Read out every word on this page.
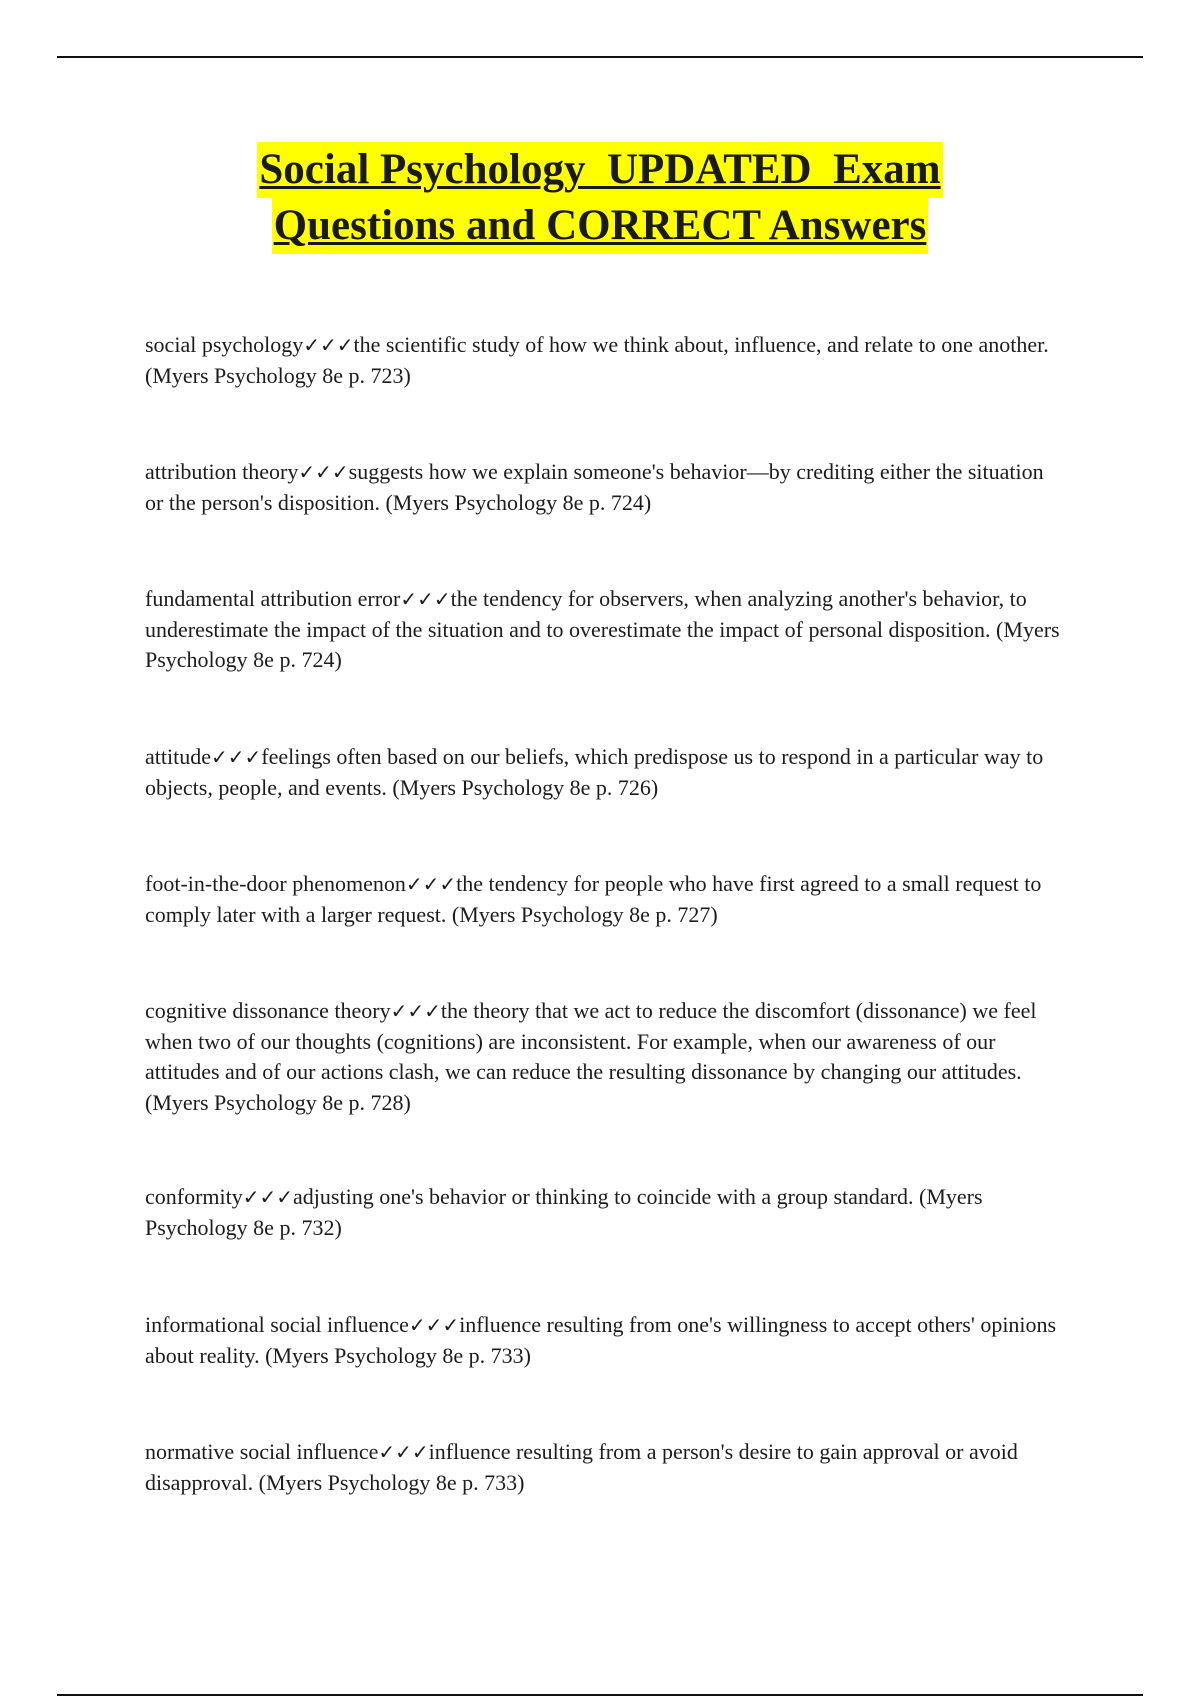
Social Psychology  UPDATED  Exam
Questions and CORRECT Answers

social psychology✓✓✓the scientific study of how we think about, influence, and relate to one another. (Myers Psychology 8e p. 723)

attribution theory✓✓✓suggests how we explain someone's behavior—by crediting either the situation or the person's disposition. (Myers Psychology 8e p. 724)

fundamental attribution error✓✓✓the tendency for observers, when analyzing another's behavior, to underestimate the impact of the situation and to overestimate the impact of personal disposition. (Myers Psychology 8e p. 724)

attitude✓✓✓feelings often based on our beliefs, which predispose us to respond in a particular way to objects, people, and events. (Myers Psychology 8e p. 726)

foot-in-the-door phenomenon✓✓✓the tendency for people who have first agreed to a small request to comply later with a larger request. (Myers Psychology 8e p. 727)

cognitive dissonance theory✓✓✓the theory that we act to reduce the discomfort (dissonance) we feel when two of our thoughts (cognitions) are inconsistent. For example, when our awareness of our attitudes and of our actions clash, we can reduce the resulting dissonance by changing our attitudes. (Myers Psychology 8e p. 728)

conformity✓✓✓adjusting one's behavior or thinking to coincide with a group standard. (Myers Psychology 8e p. 732)

informational social influence✓✓✓influence resulting from one's willingness to accept others' opinions about reality. (Myers Psychology 8e p. 733)

normative social influence✓✓✓influence resulting from a person's desire to gain approval or avoid disapproval. (Myers Psychology 8e p. 733)
